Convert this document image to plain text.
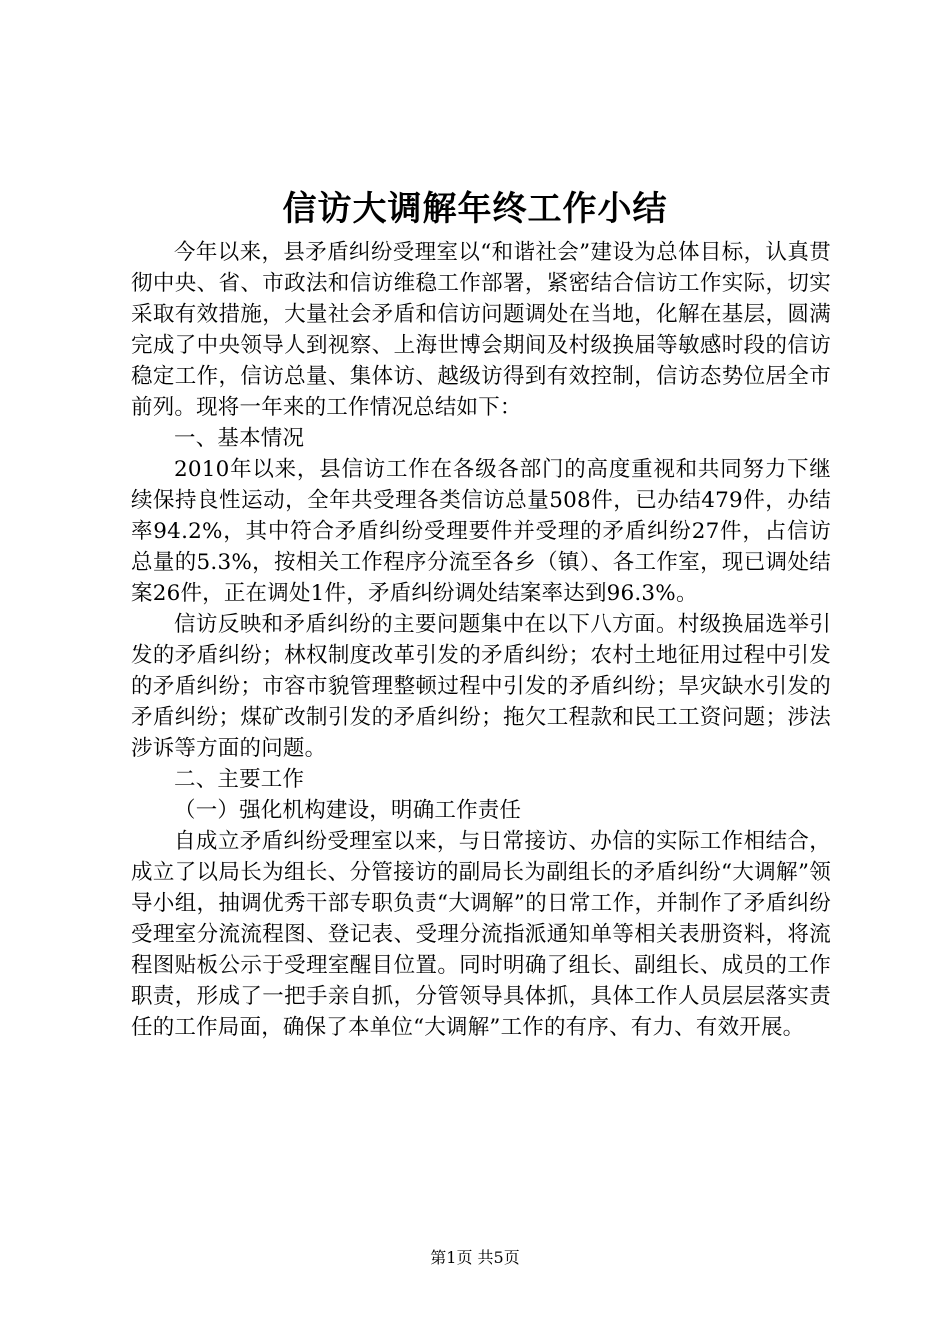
信访大调解年终工作小结

今年以来，县矛盾纠纷受理室以“和谐社会”建设为总体目标，认真贯彻中央、省、市政法和信访维稳工作部署，紧密结合信访工作实际，切实采取有效措施，大量社会矛盾和信访问题调处在当地，化解在基层，圆满完成了中央领导人到视察、上海世博会期间及村级换届等敏感时段的信访稳定工作，信访总量、集体访、越级访得到有效控制，信访态势位居全市前列。现将一年来的工作情况总结如下：

一、基本情况

2010年以来，县信访工作在各级各部门的高度重视和共同努力下继续保持良性运动，全年共受理各类信访总量508件，已办结479件，办结率94.2%，其中符合矛盾纠纷受理要件并受理的矛盾纠纷27件，占信访总量的5.3%，按相关工作程序分流至各乡（镇）、各工作室，现已调处结案26件，正在调处1件，矛盾纠纷调处结案率达到96.3%。

信访反映和矛盾纠纷的主要问题集中在以下八方面。村级换届选举引发的矛盾纠纷；林权制度改革引发的矛盾纠纷；农村土地征用过程中引发的矛盾纠纷；市容市貌管理整顿过程中引发的矛盾纠纷；旱灾缺水引发的矛盾纠纷；煤矿改制引发的矛盾纠纷；拖欠工程款和民工工资问题；涉法涉诉等方面的问题。

二、主要工作

（一）强化机构建设，明确工作责任

自成立矛盾纠纷受理室以来，与日常接访、办信的实际工作相结合，成立了以局长为组长、分管接访的副局长为副组长的矛盾纠纷“大调解”领导小组，抽调优秀干部专职负责“大调解”的日常工作，并制作了矛盾纠纷受理室分流流程图、登记表、受理分流指派通知单等相关表册资料，将流程图贴板公示于受理室醒目位置。同时明确了组长、副组长、成员的工作职责，形成了一把手亲自抓，分管领导具体抓，具体工作人员层层落实责任的工作局面，确保了本单位“大调解”工作的有序、有力、有效开展。

第1页 共5页
